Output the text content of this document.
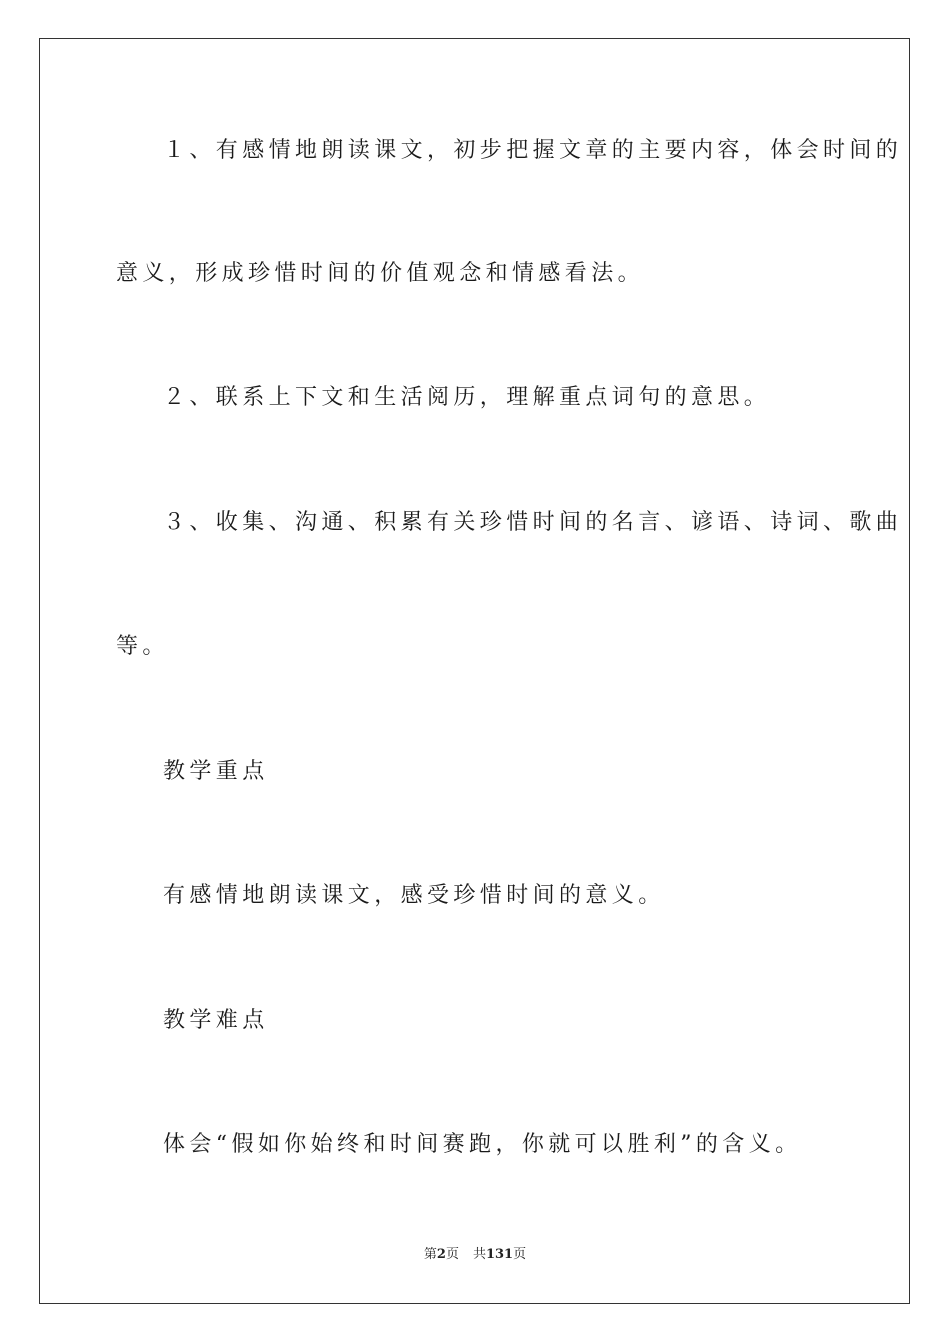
１、有感情地朗读课文，初步把握文章的主要内容，体会时间的
意义，形成珍惜时间的价值观念和情感看法。
２、联系上下文和生活阅历，理解重点词句的意思。
３、收集、沟通、积累有关珍惜时间的名言、谚语、诗词、歌曲
等。
教学重点
有感情地朗读课文，感受珍惜时间的意义。
教学难点
体会“假如你始终和时间赛跑，你就可以胜利”的含义。
第2页 共131页
